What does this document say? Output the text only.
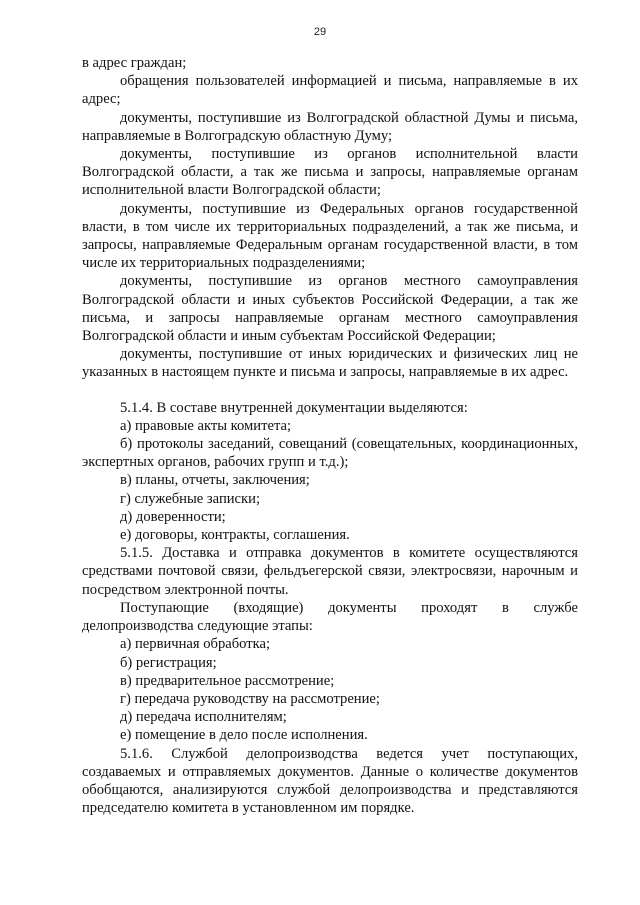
29

в адрес граждан;

обращения пользователей информацией и письма, направляемые в их адрес;

документы, поступившие из Волгоградской областной Думы и письма, направляемые в Волгоградскую областную Думу;

документы, поступившие из органов исполнительной власти Волгоградской области, а так же письма и запросы, направляемые органам исполнительной власти Волгоградской области;

документы, поступившие из Федеральных органов государственной власти, в том числе их территориальных подразделений, а так же письма, и запросы, направляемые Федеральным органам государственной власти, в том числе их территориальных подразделениями;

документы, поступившие из органов местного самоуправления Волгоградской области и иных субъектов Российской Федерации, а так же письма, и запросы направляемые органам местного самоуправления Волгоградской области и иным субъектам Российской Федерации;

документы, поступившие от иных юридических и физических лиц не указанных в настоящем пункте и письма и запросы, направляемые в их адрес.

5.1.4. В составе внутренней документации выделяются:

а) правовые акты комитета;

б) протоколы заседаний, совещаний (совещательных, координационных, экспертных органов, рабочих групп и т.д.);

в) планы, отчеты, заключения;

г) служебные записки;

д) доверенности;

е) договоры, контракты, соглашения.

5.1.5. Доставка и отправка документов в комитете осуществляются средствами почтовой связи, фельдъегерской связи, электросвязи, нарочным и посредством электронной почты.

Поступающие (входящие) документы проходят в службе делопроизводства следующие этапы:

а) первичная обработка;

б) регистрация;

в) предварительное рассмотрение;

г) передача руководству на рассмотрение;

д) передача исполнителям;

е) помещение в дело после исполнения.

5.1.6. Службой делопроизводства ведется учет поступающих, создаваемых и отправляемых документов. Данные о количестве документов обобщаются, анализируются службой делопроизводства и представляются председателю комитета в установленном им порядке.
